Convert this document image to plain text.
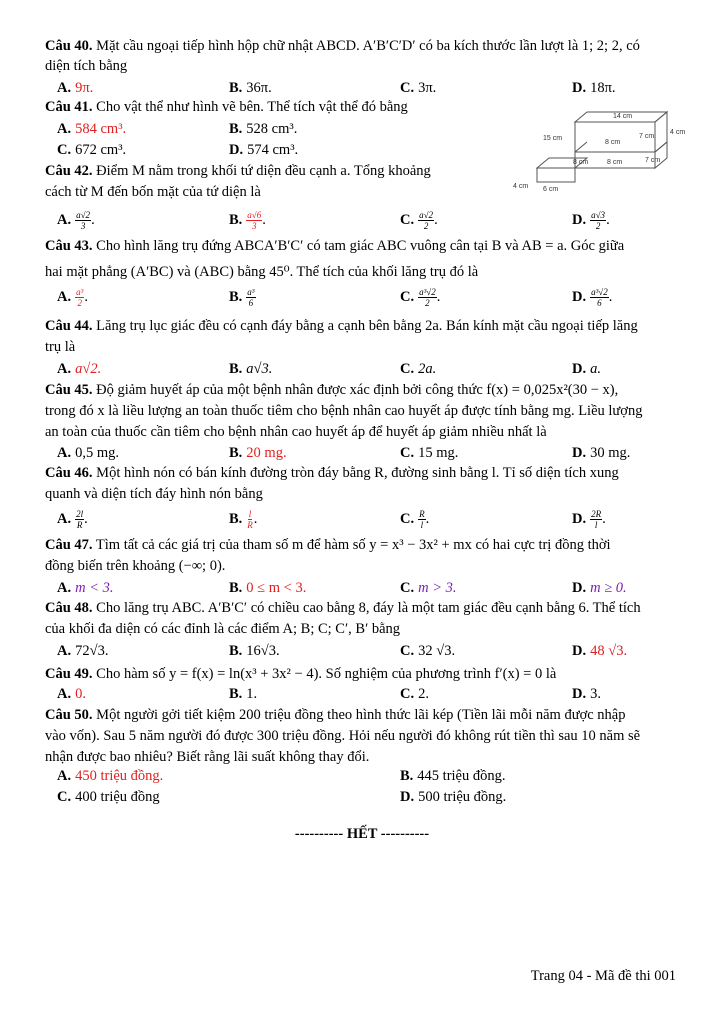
Câu 40. Mặt cầu ngoại tiếp hình hộp chữ nhật ABCD. A′B′C′D′ có ba kích thước lần lượt là 1; 2; 2, có
diện tích bằng
A. 9π.	B. 36π.	C. 3π.	D. 18π.
Câu 41. Cho vật thể như hình vẽ bên. Thể tích vật thể đó bằng
A. 584 cm³.	B. 528 cm³.
C. 672 cm³.	D. 574 cm³.
14 cm
15 cm
8 cm
7 cm
4 cm
8 cm	8 cm	7 cm
4 cm 6 cm
Câu 42. Điểm M nằm trong khối tứ diện đều cạnh a. Tổng khoảng
cách từ M đến bốn mặt của tứ diện là
A. $\frac{a√2}{3}$ .	B. $\frac{a√6}{3}$ .	C. $\frac{a√2}{2}$ .	D. $\frac{a√3}{2}$ .
Câu 43. Cho hình lăng trụ đứng ABCA′B′C′ có tam giác ABC vuông cân tại B và AB = a. Góc giữa
hai mặt phẳng (A′BC) và (ABC) bằng 45⁰. Thể tích của khối lăng trụ đó là
A. $\frac{\text{a³}}{2}$ .	B. $\frac{\text{a³}}{6}$	C. $\frac{\text{a³√2}}{2}$ .	D. $\frac{\text{a³√2}}{6}$ .
Câu 44. Lăng trụ lục giác đều có cạnh đáy bằng a cạnh bên bằng 2a. Bán kính mặt cầu ngoại tiếp lăng
trụ là
A. a√2.	B. a√3.	C. 2a.	D. a.
Câu 45. Độ giảm huyết áp của một bệnh nhân được xác định bởi công thức f(x) = 0,025x²(30 − x),
trong đó x là liều lượng an toàn thuốc tiêm cho bệnh nhân cao huyết áp được tính bằng mg. Liều lượng
an toàn của thuốc cần tiêm cho bệnh nhân cao huyết áp để huyết áp giảm nhiều nhất là
A. 0,5 mg.	B. 20 mg.	C. 15 mg.	D. 30 mg.
Câu 46. Một hình nón có bán kính đường tròn đáy bằng R, đường sinh bằng l. Tỉ số diện tích xung
quanh và diện tích đáy hình nón bằng
A. $\frac{2l}{R}$ .	B. $\frac{l}{R}$ .	C. $\frac{R}{l}$ .	D. $\frac{2R}{l}$ .
Câu 47. Tìm tất cả các giá trị của tham số m để hàm số y = x³ − 3x² + mx có hai cực trị đồng thời
đồng biến trên khoảng (−∞; 0).
A. m < 3.	B. 0 ≤ m < 3.	C. m > 3.	D. m ≥ 0.
Câu 48. Cho lăng trụ ABC. A′B′C′ có chiều cao bằng 8, đáy là một tam giác đều cạnh bằng 6. Thể tích
của khối đa diện có các đỉnh là các điểm A; B; C; C′, B′ bằng
A. 72√3.	B. 16√3.	C. 32 √3.	D. 48 √3.
Câu 49. Cho hàm số y = f(x) = ln(x³ + 3x² − 4). Số nghiệm của phương trình f′(x) = 0 là
A. 0.	B. 1.	C. 2.	D. 3.
Câu 50. Một người gởi tiết kiệm 200 triệu đồng theo hình thức lãi kép (Tiền lãi mỗi năm được nhập
vào vốn). Sau 5 năm người đó được 300 triệu đồng. Hỏi nếu người đó không rút tiền thì sau 10 năm sẽ
nhận được bao nhiêu? Biết rằng lãi suất không thay đổi.
A. 450 triệu đồng.	B. 445 triệu đồng.
C. 400 triệu đồng	D. 500 triệu đồng.
---------- HẾT ----------
Trang 04 - Mã đề thi 001
